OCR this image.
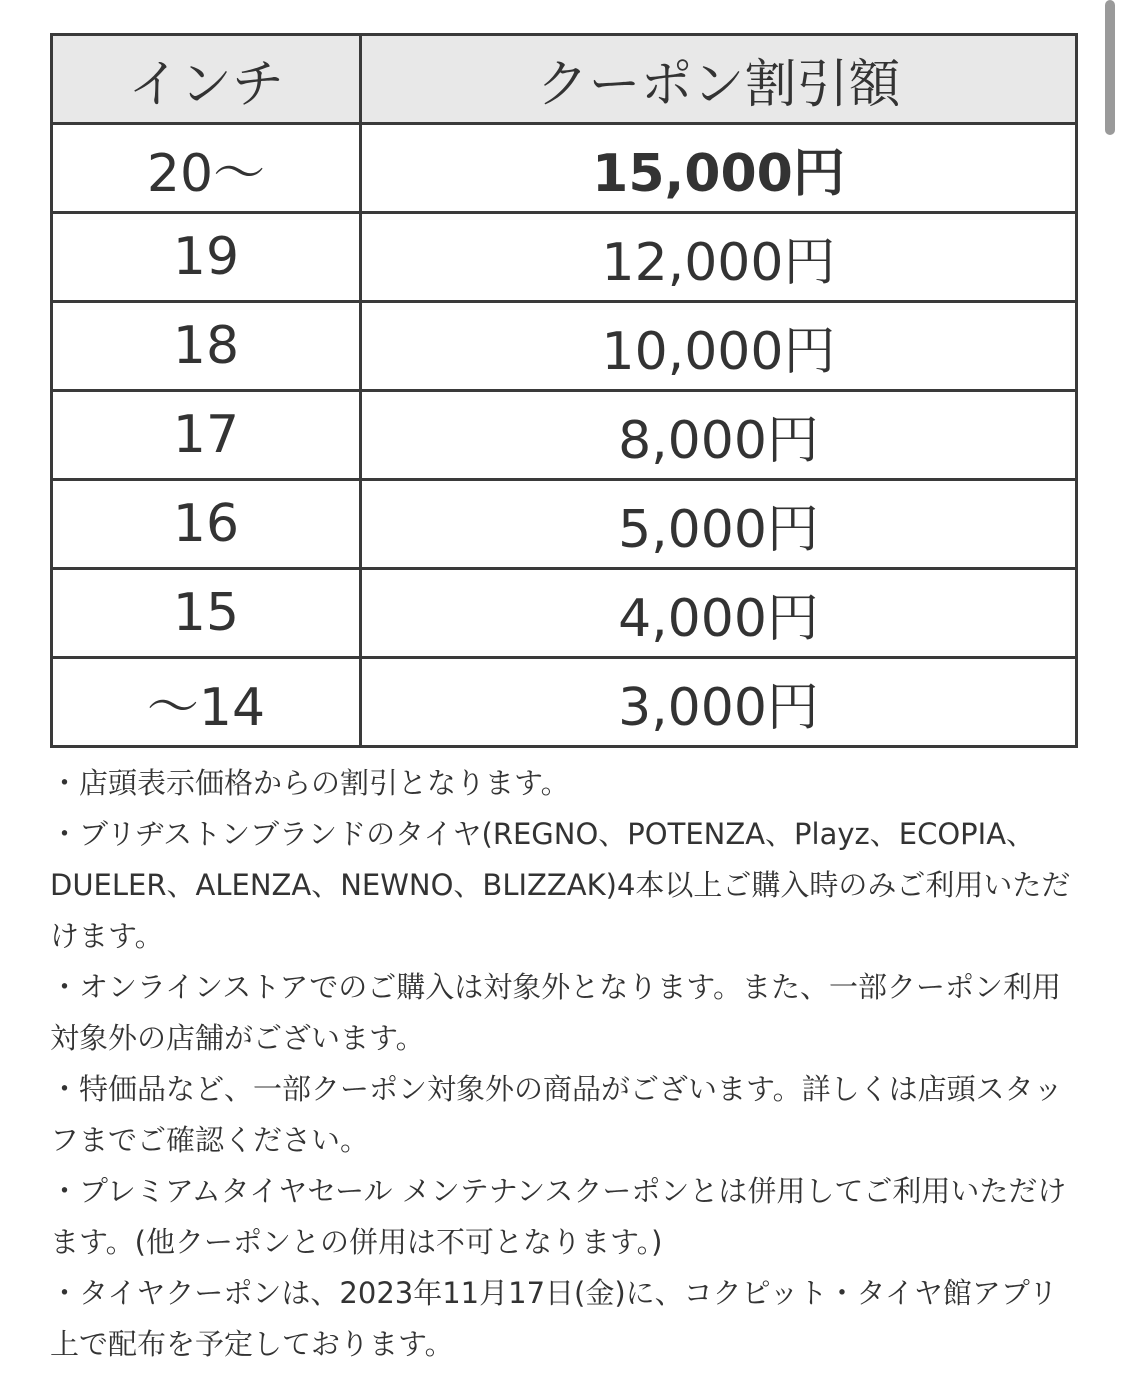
インチ	クーポン割引額
20〜	15,000円
19	12,000円
18	10,000円
17	8,000円
16	5,000円
15	4,000円
〜14	3,000円
・店頭表示価格からの割引となります。
・ブリヂストンブランドのタイヤ(REGNO、POTENZA、Playz、ECOPIA、DUELER、ALENZA、NEWNO、BLIZZAK)4本以上ご購入時のみご利用いただけます。
・オンラインストアでのご購入は対象外となります。また、一部クーポン利用対象外の店舗がございます。
・特価品など、一部クーポン対象外の商品がございます。詳しくは店頭スタッフまでご確認ください。
・プレミアムタイヤセール メンテナンスクーポンとは併用してご利用いただけます。(他クーポンとの併用は不可となります。)
・タイヤクーポンは、2023年11月17日(金)に、コクピット・タイヤ館アプリ上で配布を予定しております。
